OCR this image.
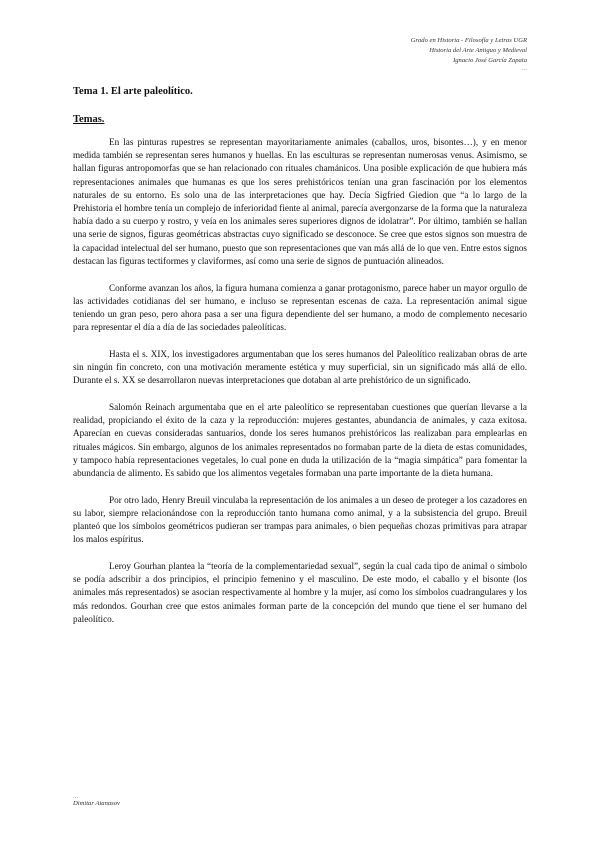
Grado en Historia - Filosofía y Letras UGR
Historia del Arte Antiguo y Medieval
Ignacio José García Zapata
…
Tema 1. El arte paleolítico.
Temas.

En las pinturas rupestres se representan mayoritariamente animales (caballos, uros, bisontes…), y en menor medida también se representan seres humanos y huellas. En las esculturas se representan numerosas venus. Asimismo, se hallan figuras antropomorfas que se han relacionado con rituales chamánicos. Una posible explicación de que hubiera más representaciones animales que humanas es que los seres prehistóricos tenían una gran fascinación por los elementos naturales de su entorno. Es solo una de las interpretaciones que hay. Decía Sigfried Giedion que “a lo largo de la Prehistoria el hombre tenía un complejo de inferioridad fiente al animal, parecía avergonzarse de la forma que la naturaleza había dado a su cuerpo y rostro, y veía en los animales seres superiores dignos de idolatrar”. Por último, también se hallan una serie de signos, figuras geométricas abstractas cuyo significado se desconoce. Se cree que estos signos son muestra de la capacidad intelectual del ser humano, puesto que son representaciones que van más allá de lo que ven. Entre estos signos destacan las figuras tectiformes y claviformes, así como una serie de signos de puntuación alineados.

Conforme avanzan los años, la figura humana comienza a ganar protagonismo, parece haber un mayor orgullo de las actividades cotidianas del ser humano, e incluso se representan escenas de caza. La representación animal sigue teniendo un gran peso, pero ahora pasa a ser una figura dependiente del ser humano, a modo de complemento necesario para representar el día a día de las sociedades paleolíticas.

Hasta el s. XIX, los investigadores argumentaban que los seres humanos del Paleolítico realizaban obras de arte sin ningún fin concreto, con una motivación meramente estética y muy superficial, sin un significado más allá de ello. Durante el s. XX se desarrollaron nuevas interpretaciones que dotaban al arte prehistórico de un significado.

Salomón Reinach argumentaba que en el arte paleolítico se representaban cuestiones que querían llevarse a la realidad, propiciando el éxito de la caza y la reproducción: mujeres gestantes, abundancia de animales, y caza exitosa. Aparecían en cuevas consideradas santuarios, donde los seres humanos prehistóricos las realizaban para emplearlas en rituales mágicos. Sin embargo, algunos de los animales representados no formaban parte de la dieta de estas comunidades, y tampoco había representaciones vegetales, lo cual pone en duda la utilización de la “magia simpática” para fomentar la abundancia de alimento. Es sabido que los alimentos vegetales formaban una parte importante de la dieta humana.

Por otro lado, Henry Breuil vinculaba la representación de los animales a un deseo de proteger a los cazadores en su labor, siempre relacionándose con la reproducción tanto humana como animal, y a la subsistencia del grupo. Breuil planteó que los símbolos geométricos pudieran ser trampas para animales, o bien pequeñas chozas primitivas para atrapar los malos espíritus.

Leroy Gourhan plantea la “teoría de la complementariedad sexual”, según la cual cada tipo de animal o símbolo se podía adscribir a dos principios, el principio femenino y el masculino. De este modo, el caballo y el bisonte (los animales más representados) se asocian respectivamente al hombre y la mujer, así como los símbolos cuadrangulares y los más redondos. Gourhan cree que estos animales forman parte de la concepción del mundo que tiene el ser humano del paleolítico.

…
Dimitar Atanasov
